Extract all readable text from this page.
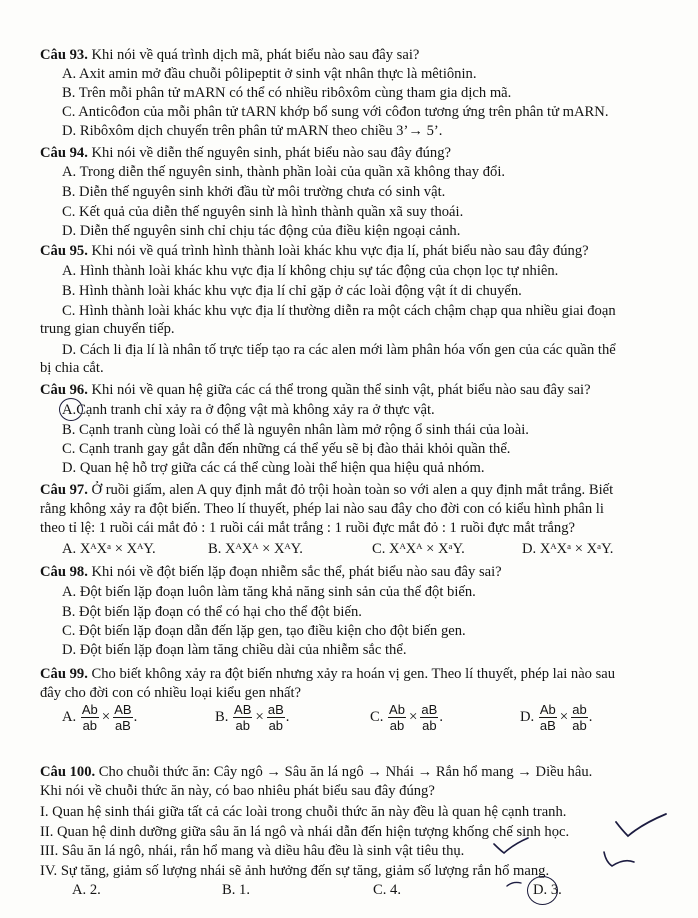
Câu 93. Khi nói về quá trình dịch mã, phát biểu nào sau đây sai?
A. Axit amin mở đầu chuỗi pôlipeptit ở sinh vật nhân thực là mêtiônin.
B. Trên mỗi phân tử mARN có thể có nhiều ribôxôm cùng tham gia dịch mã.
C. Anticôđon của mỗi phân tử tARN khớp bổ sung với côđon tương ứng trên phân tử mARN.
D. Ribôxôm dịch chuyển trên phân tử mARN theo chiều 3’→ 5’.
Câu 94. Khi nói về diễn thế nguyên sinh, phát biểu nào sau đây đúng?
A. Trong diễn thế nguyên sinh, thành phần loài của quần xã không thay đổi.
B. Diễn thế nguyên sinh khởi đầu từ môi trường chưa có sinh vật.
C. Kết quả của diễn thế nguyên sinh là hình thành quần xã suy thoái.
D. Diễn thế nguyên sinh chỉ chịu tác động của điều kiện ngoại cảnh.
Câu 95. Khi nói về quá trình hình thành loài khác khu vực địa lí, phát biểu nào sau đây đúng?
A. Hình thành loài khác khu vực địa lí không chịu sự tác động của chọn lọc tự nhiên.
B. Hình thành loài khác khu vực địa lí chỉ gặp ở các loài động vật ít di chuyển.
C. Hình thành loài khác khu vực địa lí thường diễn ra một cách chậm chạp qua nhiều giai đoạn
trung gian chuyển tiếp.
D. Cách li địa lí là nhân tố trực tiếp tạo ra các alen mới làm phân hóa vốn gen của các quần thể
bị chia cắt.
Câu 96. Khi nói về quan hệ giữa các cá thể trong quần thể sinh vật, phát biểu nào sau đây sai?
A.Cạnh tranh chỉ xảy ra ở động vật mà không xảy ra ở thực vật.
B. Cạnh tranh cùng loài có thể là nguyên nhân làm mở rộng ổ sinh thái của loài.
C. Cạnh tranh gay gắt dẫn đến những cá thể yếu sẽ bị đào thải khỏi quần thể.
D. Quan hệ hỗ trợ giữa các cá thể cùng loài thể hiện qua hiệu quả nhóm.
Câu 97. Ở ruồi giấm, alen A quy định mắt đỏ trội hoàn toàn so với alen a quy định mắt trắng. Biết
rằng không xảy ra đột biến. Theo lí thuyết, phép lai nào sau đây cho đời con có kiểu hình phân li
theo tỉ lệ: 1 ruồi cái mắt đỏ : 1 ruồi cái mắt trắng : 1 ruồi đực mắt đỏ : 1 ruồi đực mắt trắng?
A. XᴬXᵃ × XᴬY.	B. XᴬXᴬ × XᴬY.	C. XᴬXᴬ × XᵃY.	D. XᴬXᵃ × XᵃY.
Câu 98. Khi nói về đột biến lặp đoạn nhiễm sắc thể, phát biểu nào sau đây sai?
A. Đột biến lặp đoạn luôn làm tăng khả năng sinh sản của thể đột biến.
B. Đột biến lặp đoạn có thể có hại cho thể đột biến.
C. Đột biến lặp đoạn dẫn đến lặp gen, tạo điều kiện cho đột biến gen.
D. Đột biến lặp đoạn làm tăng chiều dài của nhiễm sắc thể.
Câu 99. Cho biết không xảy ra đột biến nhưng xảy ra hoán vị gen. Theo lí thuyết, phép lai nào sau
đây cho đời con có nhiều loại kiểu gen nhất?
A. $\frac{Ab}{ab} \times \frac{AB}{aB}$ .	B. $\frac{AB}{ab} \times \frac{aB}{ab}$ .	C. $\frac{Ab}{ab} \times \frac{aB}{ab}$ .	D. $\frac{Ab}{aB} \times \frac{ab}{ab}$ .
Câu 100. Cho chuỗi thức ăn: Cây ngô → Sâu ăn lá ngô → Nhái → Rắn hổ mang → Diều hâu.
Khi nói về chuỗi thức ăn này, có bao nhiêu phát biểu sau đây đúng?
I. Quan hệ sinh thái giữa tất cả các loài trong chuỗi thức ăn này đều là quan hệ cạnh tranh.
II. Quan hệ dinh dưỡng giữa sâu ăn lá ngô và nhái dẫn đến hiện tượng khống chế sinh học.
III. Sâu ăn lá ngô, nhái, rắn hổ mang và diều hâu đều là sinh vật tiêu thụ.
IV. Sự tăng, giảm số lượng nhái sẽ ảnh hưởng đến sự tăng, giảm số lượng rắn hổ mang.
A. 2.	B. 1.	C. 4.	D. 3.
